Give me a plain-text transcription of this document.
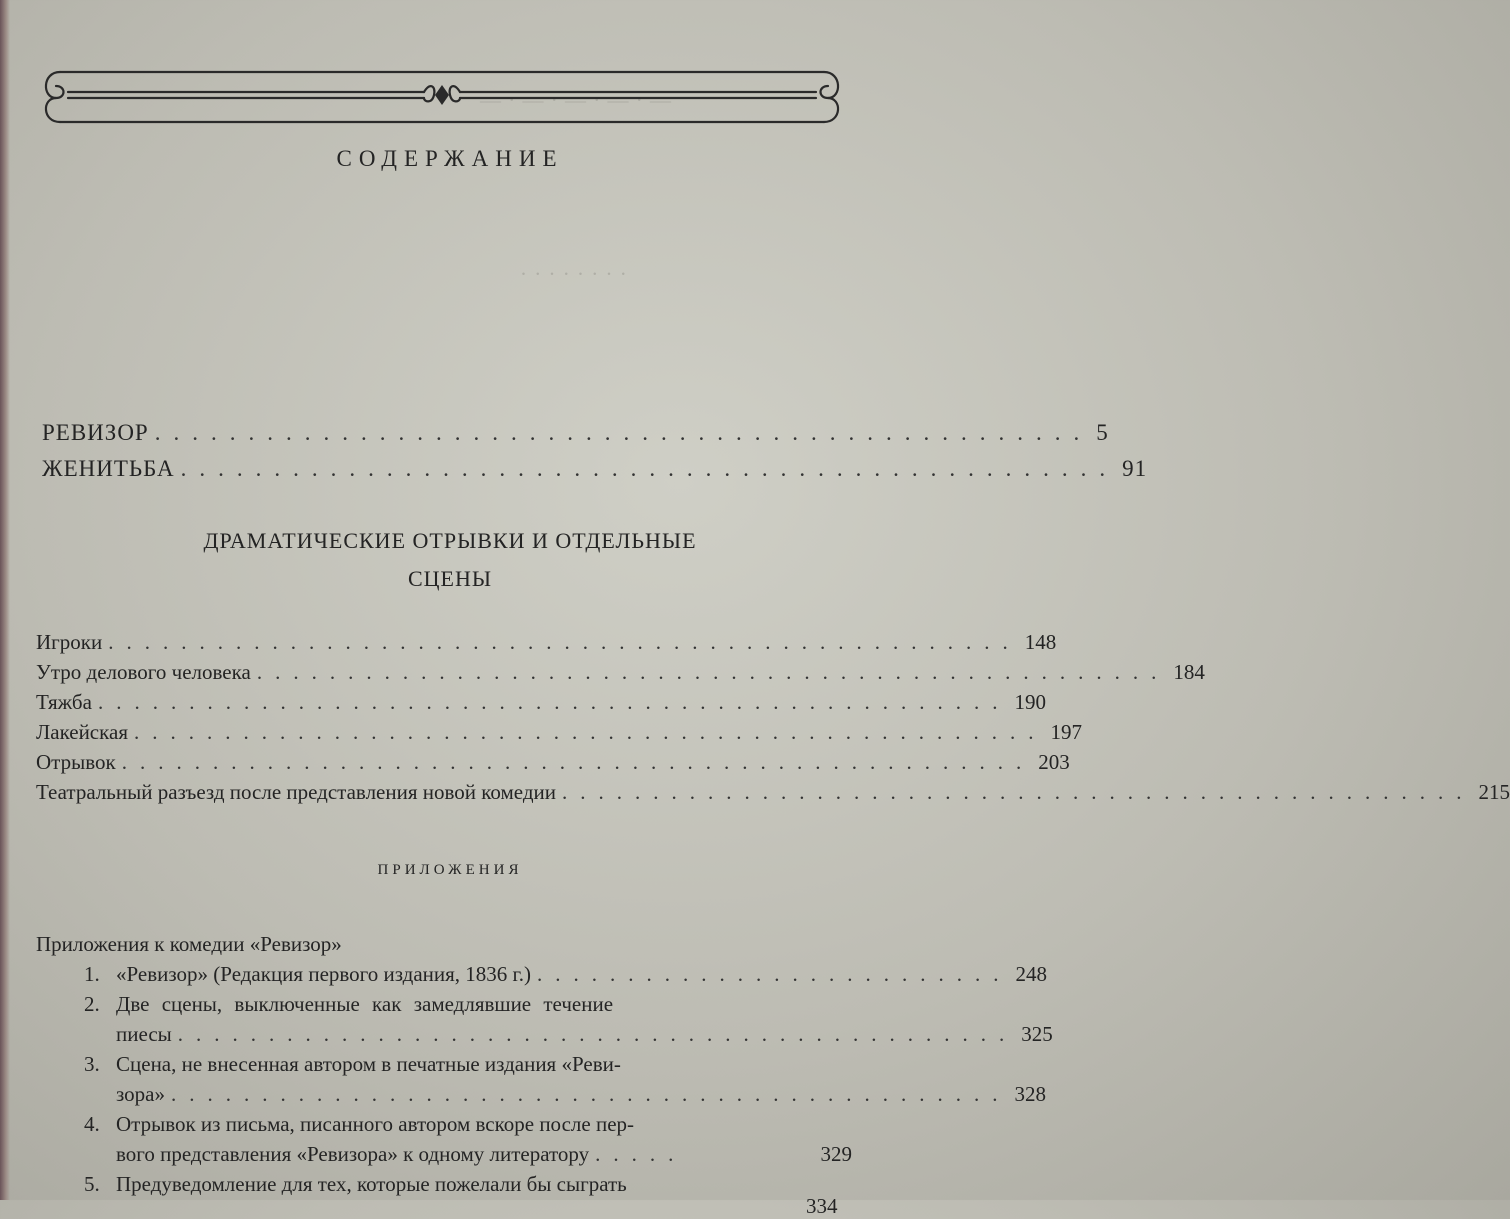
— · — · — · — · —
· · · · · · · ·
СОДЕРЖАНИЕ
РЕВИЗОР .................................................. 5
ЖЕНИТЬБА .................................................. 91
ДРАМАТИЧЕСКИЕ ОТРЫВКИ И ОТДЕЛЬНЫЕ
СЦЕНЫ
Игроки .................................................. 148
Утро делового человека .................................................. 184
Тяжба .................................................. 190
Лакейская .................................................. 197
Отрывок .................................................. 203
Театральный разъезд после представления новой комедии .................................................. 215
ПРИЛОЖЕНИЯ
Приложения к комедии «Ревизор»
1. «Ревизор» (Редакция первого издания, 1836 г.) .......................... 248
2. Две сцены, выключенные как замедлявшие течение
пиесы .............................................. 325
3. Сцена, не внесенная автором в печатные издания «Реви-
зора» .............................................. 328
4. Отрывок из письма, писанного автором вскоре после пер-
вого представления «Ревизора» к одному литератору .....	329
5. Предуведомление для тех, которые пожелали бы сыграть
334
